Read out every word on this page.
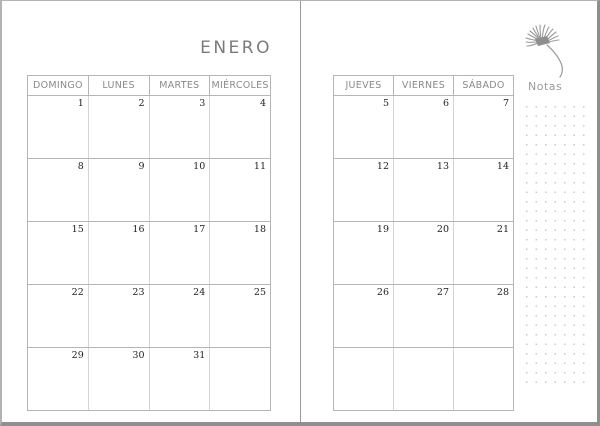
ENERO
DOMINGO	LUNES	MARTES	MIÉRCOLES
1	2	3	4
8	9	10	11
15	16	17	18
22	23	24	25
29	30	31	
Notas
JUEVES	VIERNES	SÁBADO
5	6	7
12	13	14
19	20	21
26	27	28
